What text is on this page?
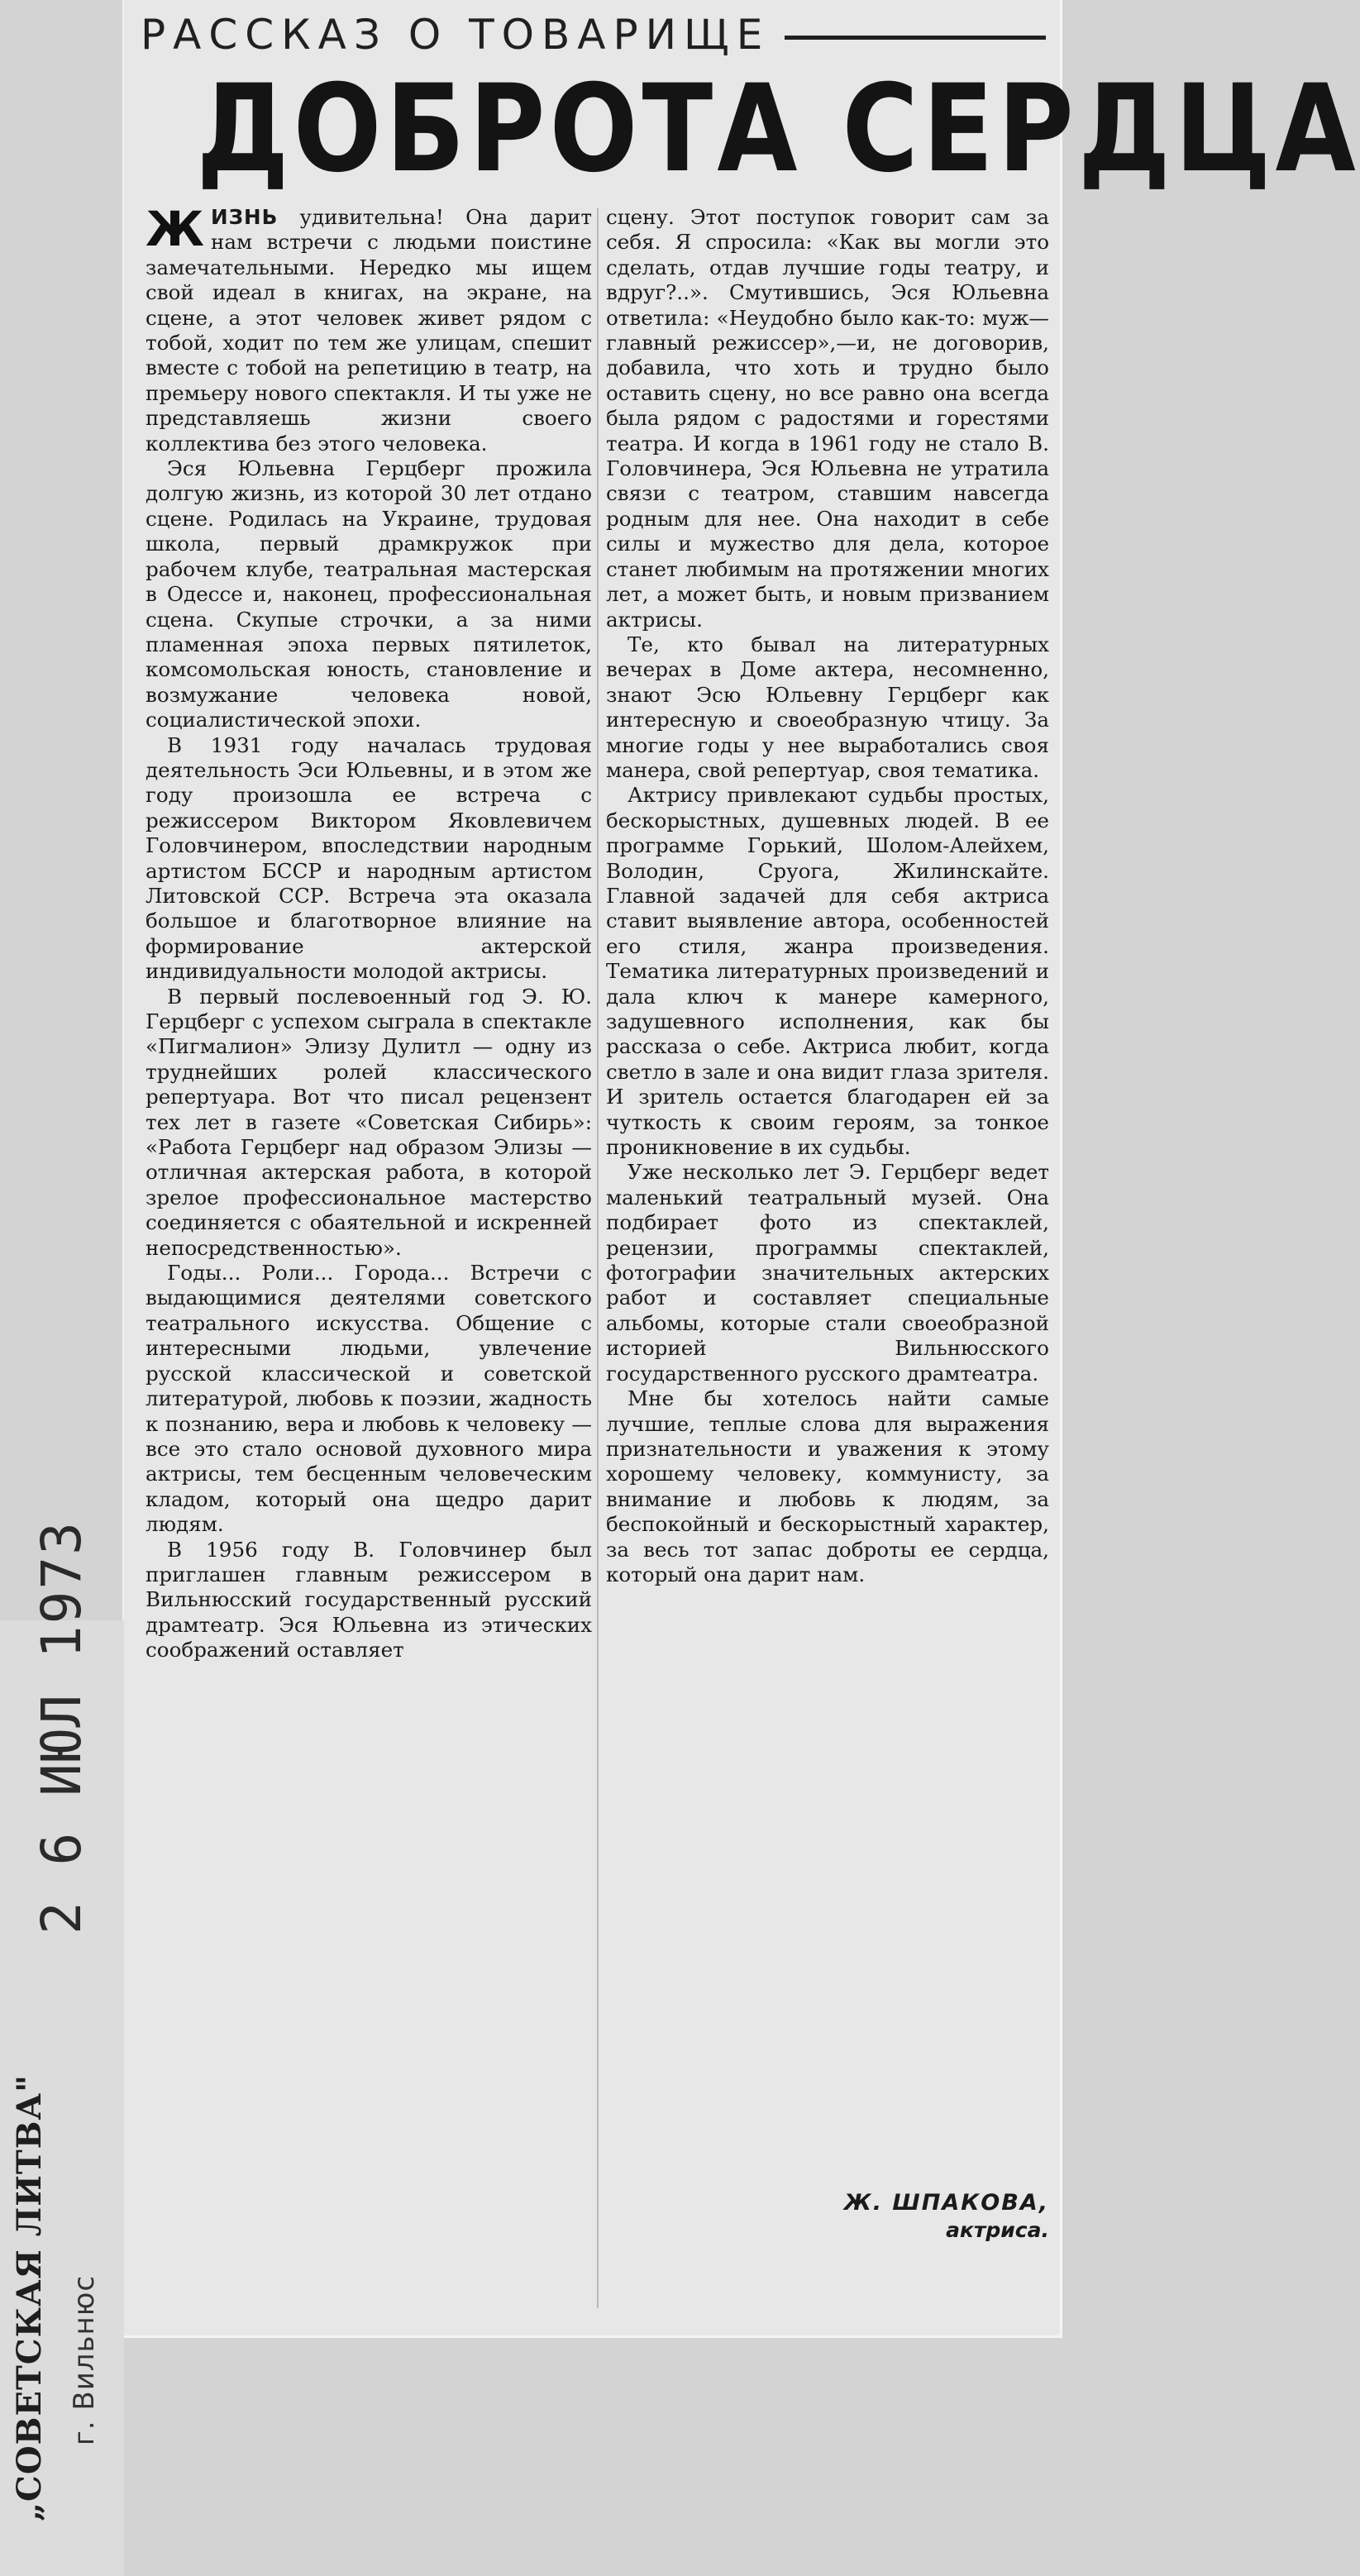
РАССКАЗ О ТОВАРИЩЕ
ДОБРОТА СЕРДЦА

ЖИЗНЬ удивительна! Она дарит нам встречи с людьми поистине замечательными. Нередко мы ищем свой идеал в книгах, на экране, на сцене, а этот человек живет рядом с тобой, ходит по тем же улицам, спешит вместе с тобой на репетицию в театр, на премьеру нового спектакля. И ты уже не представляешь жизни своего коллектива без этого человека.

Эся Юльевна Герцберг прожила долгую жизнь, из которой 30 лет отдано сцене. Родилась на Украине, трудовая школа, первый драмкружок при рабочем клубе, театральная мастерская в Одессе и, наконец, профессиональная сцена. Скупые строчки, а за ними пламенная эпоха первых пятилеток, комсомольская юность, становление и возмужание человека новой, социалистической эпохи.

В 1931 году началась трудовая деятельность Эси Юльевны, и в этом же году произошла ее встреча с режиссером Виктором Яковлевичем Головчинером, впоследствии народным артистом БССР и народным артистом Литовской ССР. Встреча эта оказала большое и благотворное влияние на формирование актерской индивидуальности молодой актрисы.

В первый послевоенный год Э. Ю. Герцберг с успехом сыграла в спектакле «Пигмалион» Элизу Дулитл — одну из труднейших ролей классического репертуара. Вот что писал рецензент тех лет в газете «Советская Сибирь»: «Работа Герцберг над образом Элизы — отличная актерская работа, в которой зрелое профессиональное мастерство соединяется с обаятельной и искренней непосредственностью».

Годы... Роли... Города... Встречи с выдающимися деятелями советского театрального искусства. Общение с интересными людьми, увлечение русской классической и советской литературой, любовь к поэзии, жадность к познанию, вера и любовь к человеку — все это стало основой духовного мира актрисы, тем бесценным человеческим кладом, который она щедро дарит людям.

В 1956 году В. Головчинер был приглашен главным режиссером в Вильнюсский государственный русский драмтеатр. Эся Юльевна из этических соображений оставляет

сцену. Этот поступок говорит сам за себя. Я спросила: «Как вы могли это сделать, отдав лучшие годы театру, и вдруг?..». Смутившись, Эся Юльевна ответила: «Неудобно было как-то: муж—главный режиссер»,—и, не договорив, добавила, что хоть и трудно было оставить сцену, но все равно она всегда была рядом с радостями и горестями театра. И когда в 1961 году не стало В. Головчинера, Эся Юльевна не утратила связи с театром, ставшим навсегда родным для нее. Она находит в себе силы и мужество для дела, которое станет любимым на протяжении многих лет, а может быть, и новым призванием актрисы.

Те, кто бывал на литературных вечерах в Доме актера, несомненно, знают Эсю Юльевну Герцберг как интересную и своеобразную чтицу. За многие годы у нее выработались своя манера, свой репертуар, своя тематика.

Актрису привлекают судьбы простых, бескорыстных, душевных людей. В ее программе Горький, Шолом-Алейхем, Володин, Сруога, Жилинскайте. Главной задачей для себя актриса ставит выявление автора, особенностей его стиля, жанра произведения. Тематика литературных произведений и дала ключ к манере камерного, задушевного исполнения, как бы рассказа о себе. Актриса любит, когда светло в зале и она видит глаза зрителя. И зритель остается благодарен ей за чуткость к своим героям, за тонкое проникновение в их судьбы.

Уже несколько лет Э. Герцберг ведет маленький театральный музей. Она подбирает фото из спектаклей, рецензии, программы спектаклей, фотографии значительных актерских работ и составляет специальные альбомы, которые стали своеобразной историей Вильнюсского государственного русского драмтеатра.

Мне бы хотелось найти самые лучшие, теплые слова для выражения признательности и уважения к этому хорошему человеку, коммунисту, за внимание и любовь к людям, за беспокойный и бескорыстный характер, за весь тот запас доброты ее сердца, который она дарит нам.

Ж. ШПАКОВА,
актриса.
2 6 ИЮЛ 1973
„СОВЕТСКАЯ ЛИТВА" г. Вильнюс
